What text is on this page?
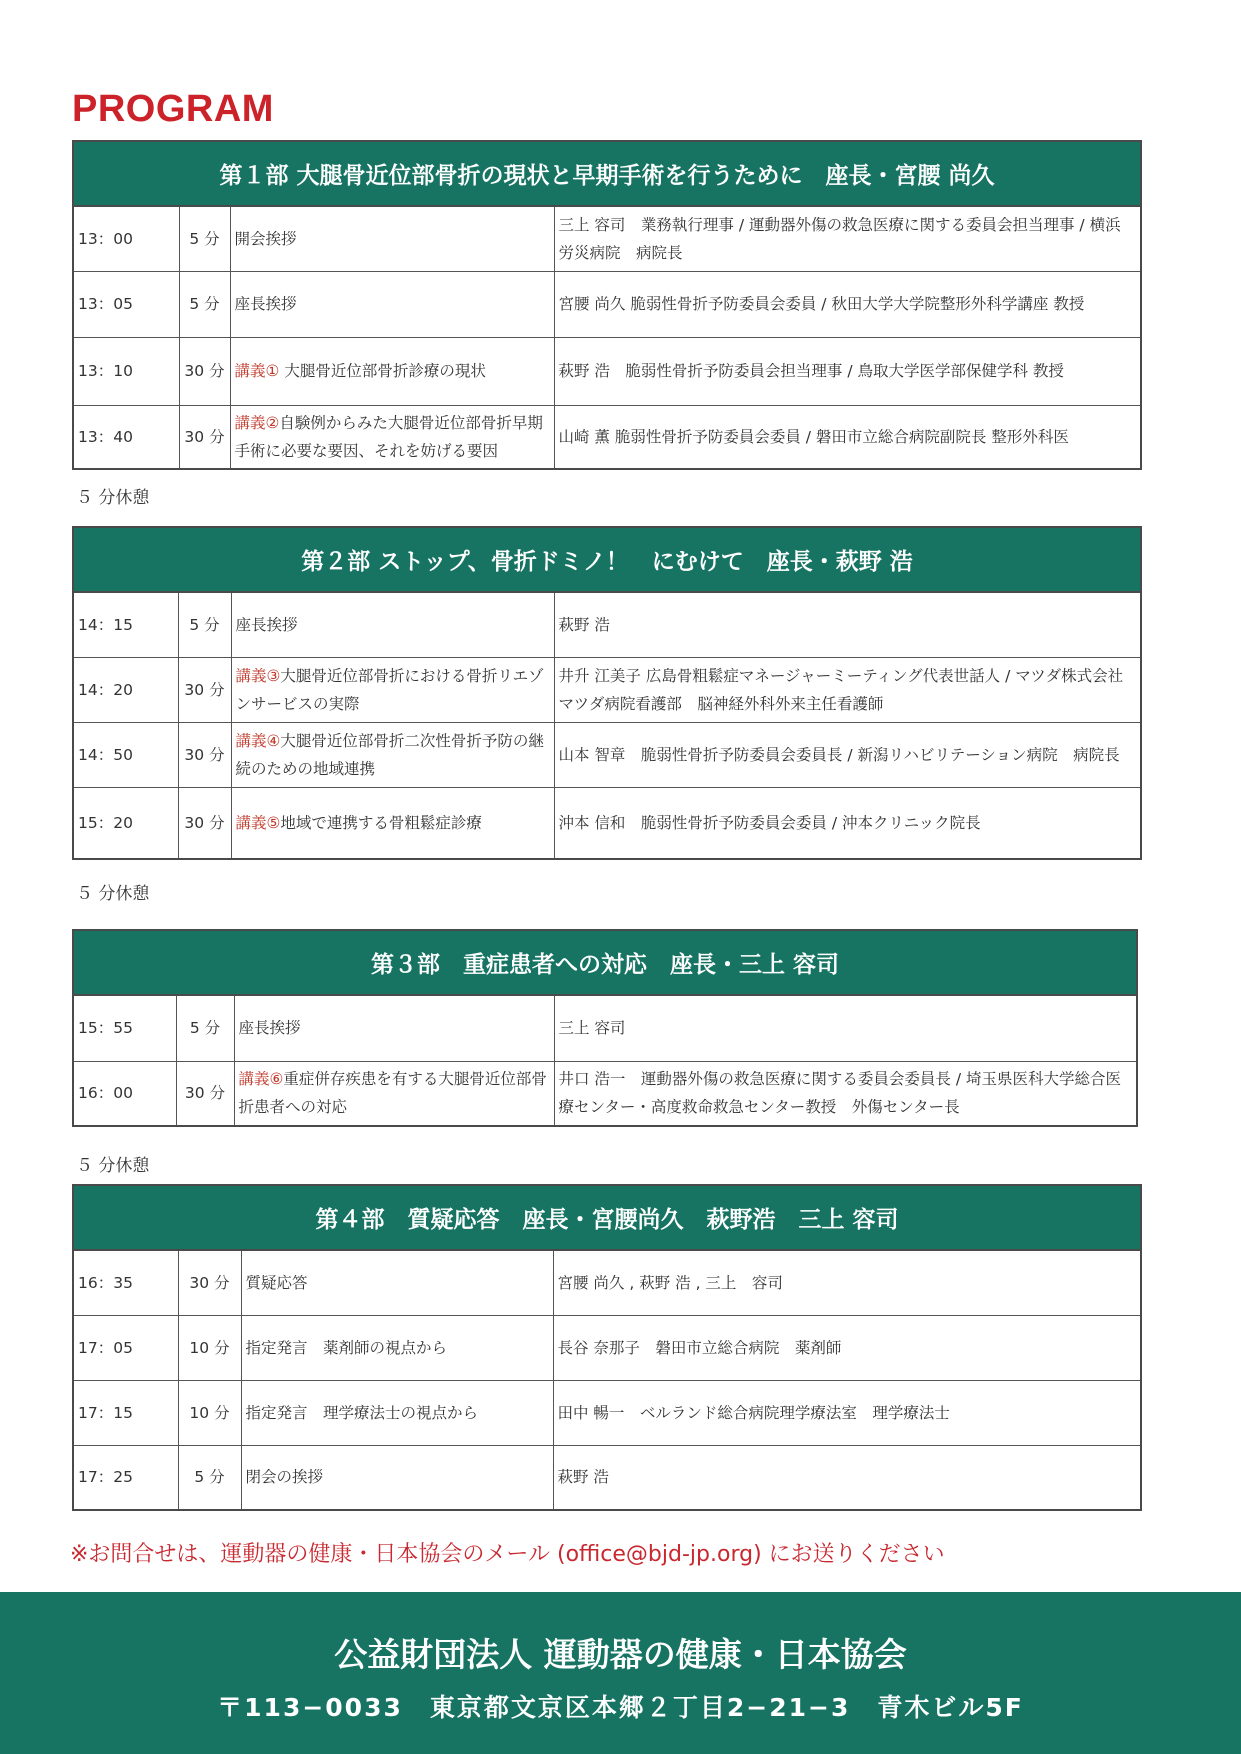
PROGRAM
第１部 大腿骨近位部骨折の現状と早期手術を行うために　座長・宮腰 尚久			
13：00	5 分	開会挨拶	三上 容司　業務執行理事 / 運動器外傷の救急医療に関する委員会担当理事 / 横浜労災病院　病院長
13：05	5 分	座長挨拶	宮腰 尚久 脆弱性骨折予防委員会委員 / 秋田大学大学院整形外科学講座 教授
13：10	30 分	講義① 大腿骨近位部骨折診療の現状	萩野 浩　脆弱性骨折予防委員会担当理事 / 鳥取大学医学部保健学科 教授
13：40	30 分	講義②自験例からみた大腿骨近位部骨折早期手術に必要な要因、それを妨げる要因	山崎 薫 脆弱性骨折予防委員会委員 / 磐田市立総合病院副院長 整形外科医
５ 分休憩
第２部 ストップ、骨折ドミノ！　にむけて　座長・萩野 浩			
14：15	5 分	座長挨拶	萩野 浩
14：20	30 分	講義③大腿骨近位部骨折における骨折リエゾンサービスの実際	井升 江美子 広島骨粗鬆症マネージャーミーティング代表世話人 / マツダ株式会社マツダ病院看護部　脳神経外科外来主任看護師
14：50	30 分	講義④大腿骨近位部骨折二次性骨折予防の継続のための地域連携	山本 智章　脆弱性骨折予防委員会委員長 / 新潟リハビリテーション病院　病院長
15：20	30 分	講義⑤地域で連携する骨粗鬆症診療	沖本 信和　脆弱性骨折予防委員会委員 / 沖本クリニック院長
５ 分休憩
第３部　重症患者への対応　座長・三上 容司			
15：55	5 分	座長挨拶	三上 容司
16：00	30 分	講義⑥重症併存疾患を有する大腿骨近位部骨折患者への対応	井口 浩一　運動器外傷の救急医療に関する委員会委員長 / 埼玉県医科大学総合医療センター・高度救命救急センター教授　外傷センター長
５ 分休憩
第４部　質疑応答　座長・宮腰尚久　萩野浩　三上 容司			
16：35	30 分	質疑応答	宮腰 尚久 , 萩野 浩 , 三上　容司
17：05	10 分	指定発言　薬剤師の視点から	長谷 奈那子　磐田市立総合病院　薬剤師
17：15	10 分	指定発言　理学療法士の視点から	田中 暢一　ベルランド総合病院理学療法室　理学療法士
17：25	5 分	閉会の挨拶	萩野 浩
※お問合せは、運動器の健康・日本協会のメール (office@bjd-jp.org) にお送りください
公益財団法人 運動器の健康・日本協会
〒113−0033　東京都文京区本郷２丁目2−21−3　青木ビル5F
